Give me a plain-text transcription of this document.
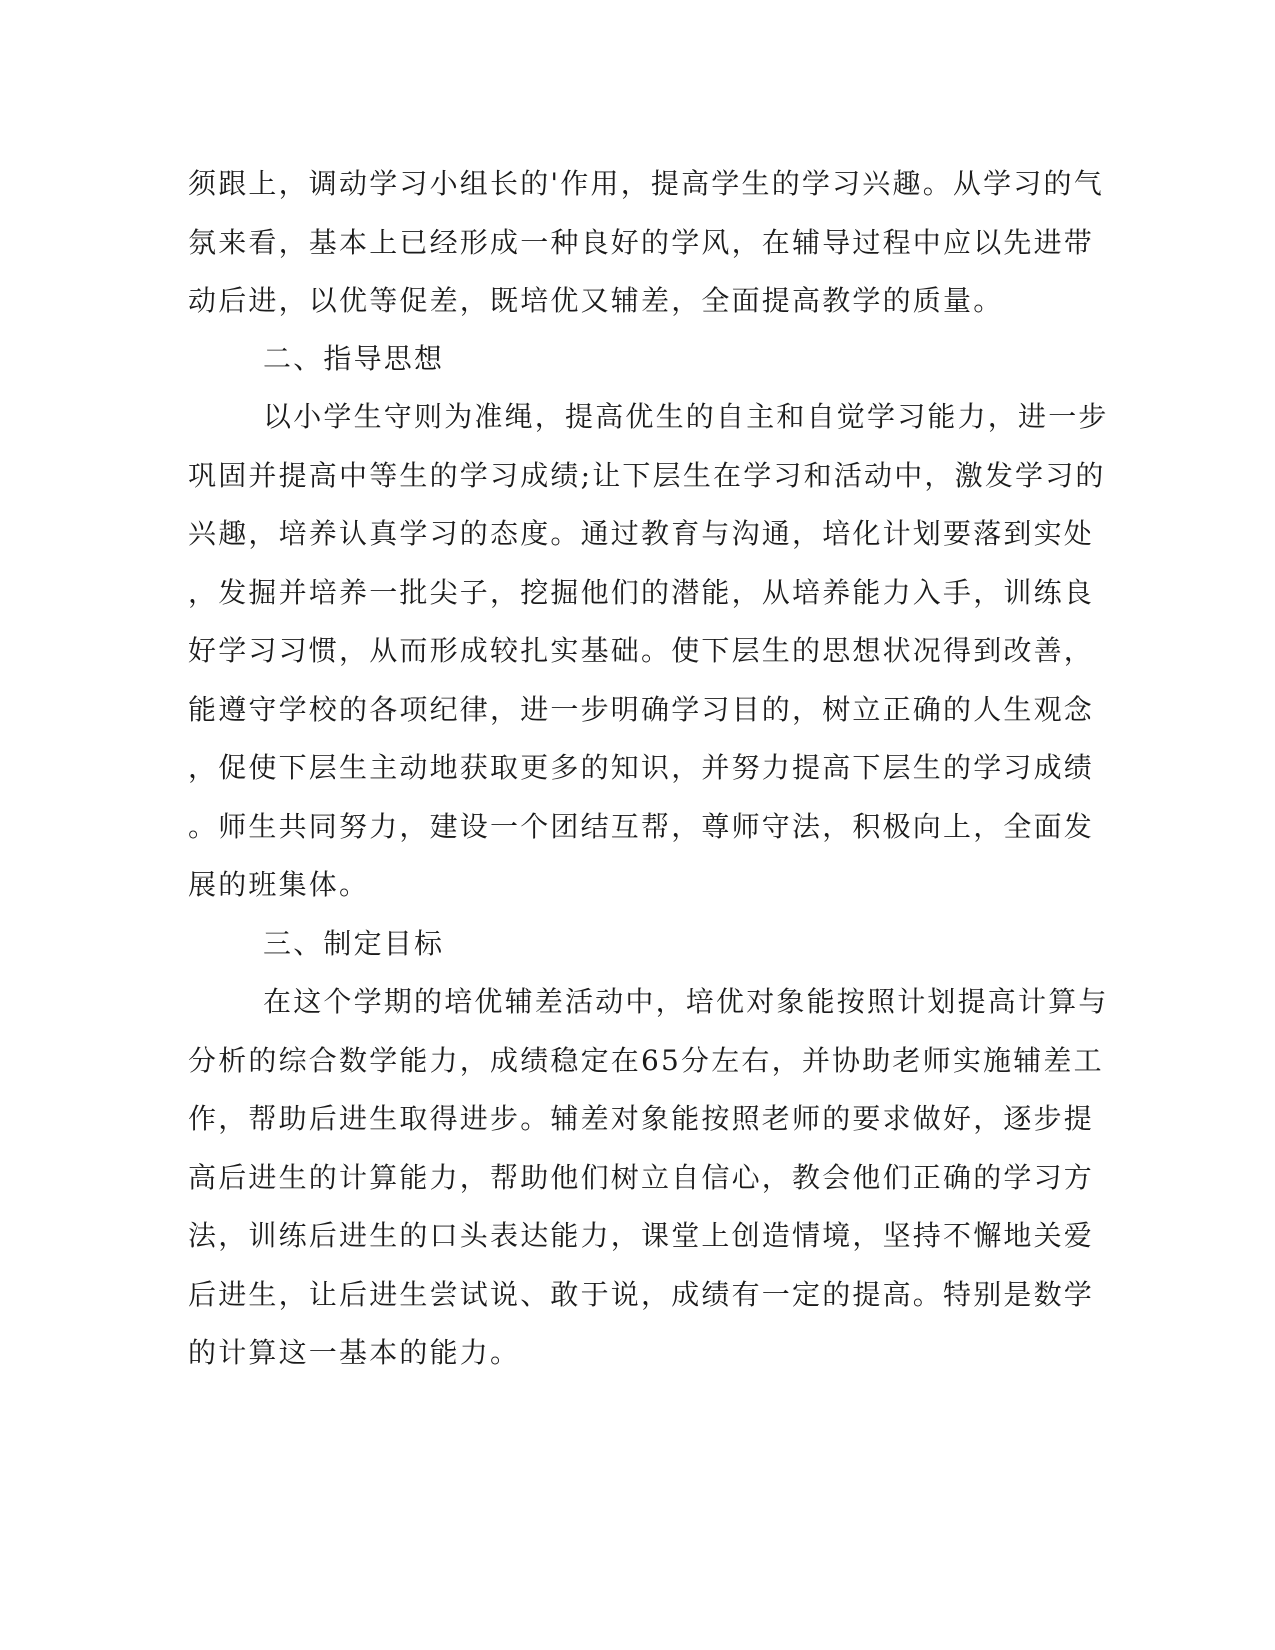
须跟上，调动学习小组长的'作用，提高学生的学习兴趣。从学习的气
氛来看，基本上已经形成一种良好的学风，在辅导过程中应以先进带
动后进，以优等促差，既培优又辅差，全面提高教学的质量。
二、指导思想
以小学生守则为准绳，提高优生的自主和自觉学习能力，进一步
巩固并提高中等生的学习成绩;让下层生在学习和活动中，激发学习的
兴趣，培养认真学习的态度。通过教育与沟通，培化计划要落到实处
，发掘并培养一批尖子，挖掘他们的潜能，从培养能力入手，训练良
好学习习惯，从而形成较扎实基础。使下层生的思想状况得到改善，
能遵守学校的各项纪律，进一步明确学习目的，树立正确的人生观念
，促使下层生主动地获取更多的知识，并努力提高下层生的学习成绩
。师生共同努力，建设一个团结互帮，尊师守法，积极向上，全面发
展的班集体。
三、制定目标
在这个学期的培优辅差活动中，培优对象能按照计划提高计算与
分析的综合数学能力，成绩稳定在65分左右，并协助老师实施辅差工
作，帮助后进生取得进步。辅差对象能按照老师的要求做好，逐步提
高后进生的计算能力，帮助他们树立自信心，教会他们正确的学习方
法，训练后进生的口头表达能力，课堂上创造情境，坚持不懈地关爱
后进生，让后进生尝试说、敢于说，成绩有一定的提高。特别是数学
的计算这一基本的能力。
